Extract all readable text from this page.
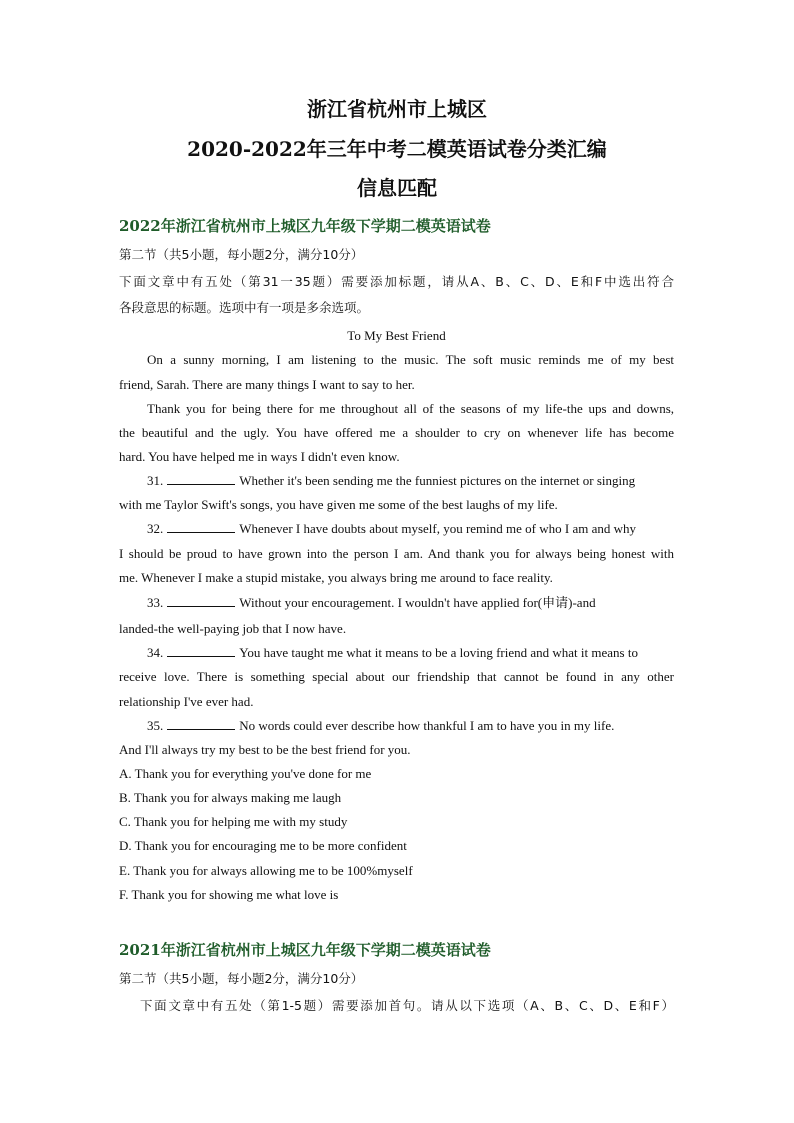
浙江省杭州市上城区
2020-2022年三年中考二模英语试卷分类汇编
信息匹配
2022年浙江省杭州市上城区九年级下学期二模英语试卷
第二节（共5小题，每小题2分，满分10分）
下面文章中有五处（第31一35题）需要添加标题，请从A、B、C、D、E和F中选出符合
各段意思的标题。选项中有一项是多余选项。
To My Best Friend
On a sunny morning, I am listening to the music. The soft music reminds me of my best
friend, Sarah. There are many things I want to say to her.
Thank you for being there for me throughout all of the seasons of my life-the ups and downs,
the beautiful and the ugly. You have offered me a shoulder to cry on whenever life has become
hard. You have helped me in ways I didn't even know.
31.	Whether it's been sending me the funniest pictures on the internet or singing
with me Taylor Swift's songs, you have given me some of the best laughs of my life.
32.	Whenever I have doubts about myself, you remind me of who I am and why
I should be proud to have grown into the person I am. And thank you for always being honest with
me. Whenever I make a stupid mistake, you always bring me around to face reality.
33.	Without your encouragement. I wouldn't have applied for(申请)-and
landed-the well-paying job that I now have.
34.	You have taught me what it means to be a loving friend and what it means to
receive love. There is something special about our friendship that cannot be found in any other
relationship I've ever had.
35.	No words could ever describe how thankful I am to have you in my life.
And I'll always try my best to be the best friend for you.
A. Thank you for everything you've done for me
B. Thank you for always making me laugh
C. Thank you for helping me with my study
D. Thank you for encouraging me to be more confident
E. Thank you for always allowing me to be 100%myself
F. Thank you for showing me what love is
2021年浙江省杭州市上城区九年级下学期二模英语试卷
第二节（共5小题，每小题2分，满分10分）
下面文章中有五处（第1-5题）需要添加首句。请从以下选项（A、B、C、D、E和F）
